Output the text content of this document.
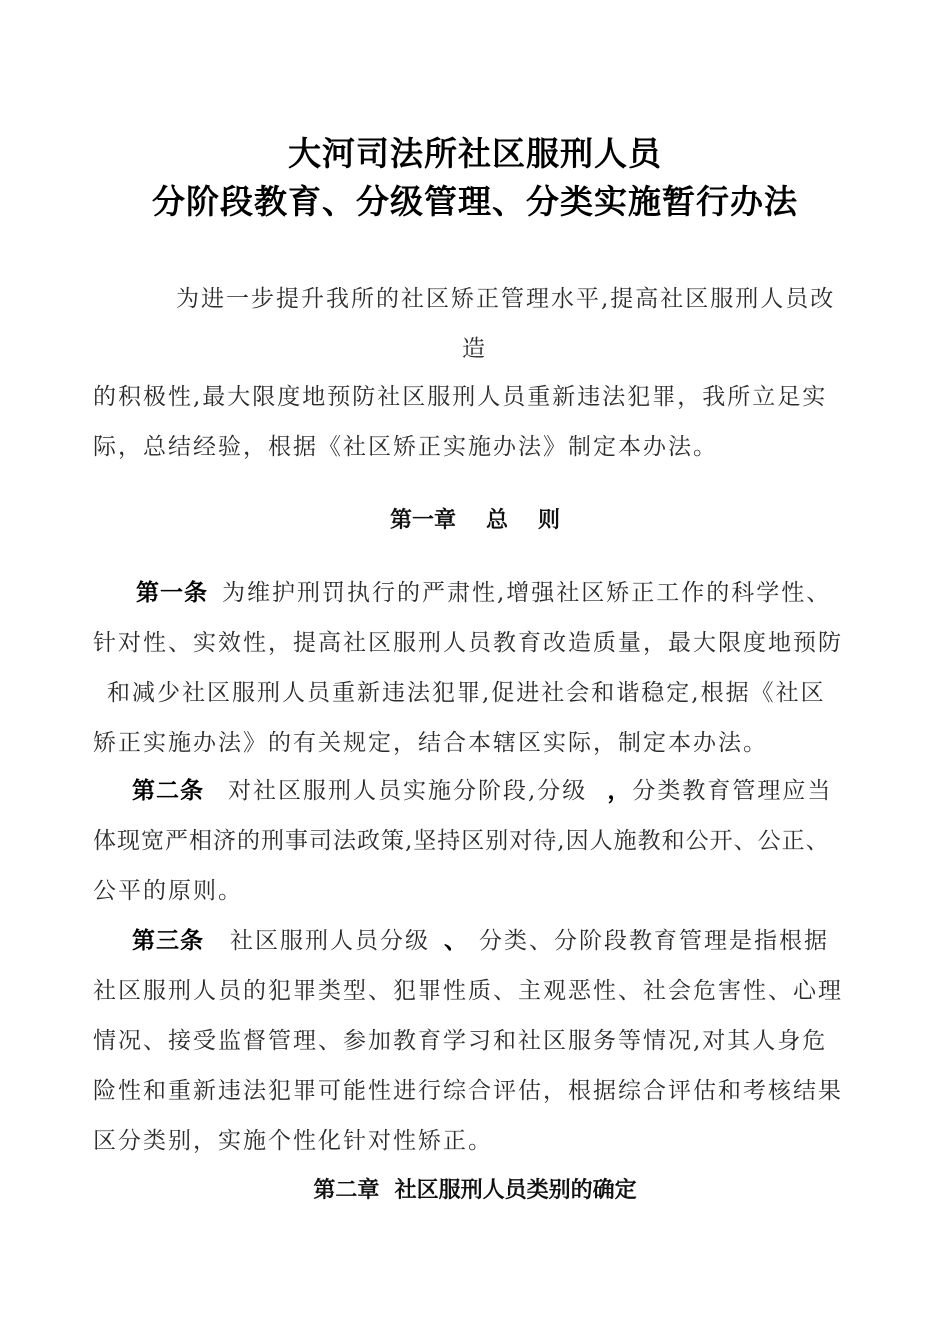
大河司法所社区服刑人员
分阶段教育、分级管理、分类实施暂行办法
为进一步提升我所的社区矫正管理水平,提高社区服刑人员改
造
的积极性,最大限度地预防社区服刑人员重新违法犯罪，我所立足实
际，总结经验，根据《社区矫正实施办法》制定本办法。
第一章 总 则
第一条 为维护刑罚执行的严肃性,增强社区矫正工作的科学性、
针对性、实效性，提高社区服刑人员教育改造质量，最大限度地预防
和减少社区服刑人员重新违法犯罪,促进社会和谐稳定,根据《社区
矫正实施办法》的有关规定，结合本辖区实际，制定本办法。
第二条 对社区服刑人员实施分阶段,分级 ，分类教育管理应当
体现宽严相济的刑事司法政策,坚持区别对待,因人施教和公开、公正、
公平的原则。
第三条 社区服刑人员分级 、 分类、分阶段教育管理是指根据
社区服刑人员的犯罪类型、犯罪性质、主观恶性、社会危害性、心理
情况、接受监督管理、参加教育学习和社区服务等情况,对其人身危
险性和重新违法犯罪可能性进行综合评估，根据综合评估和考核结果
区分类别，实施个性化针对性矫正。
第二章  社区服刑人员类别的确定
